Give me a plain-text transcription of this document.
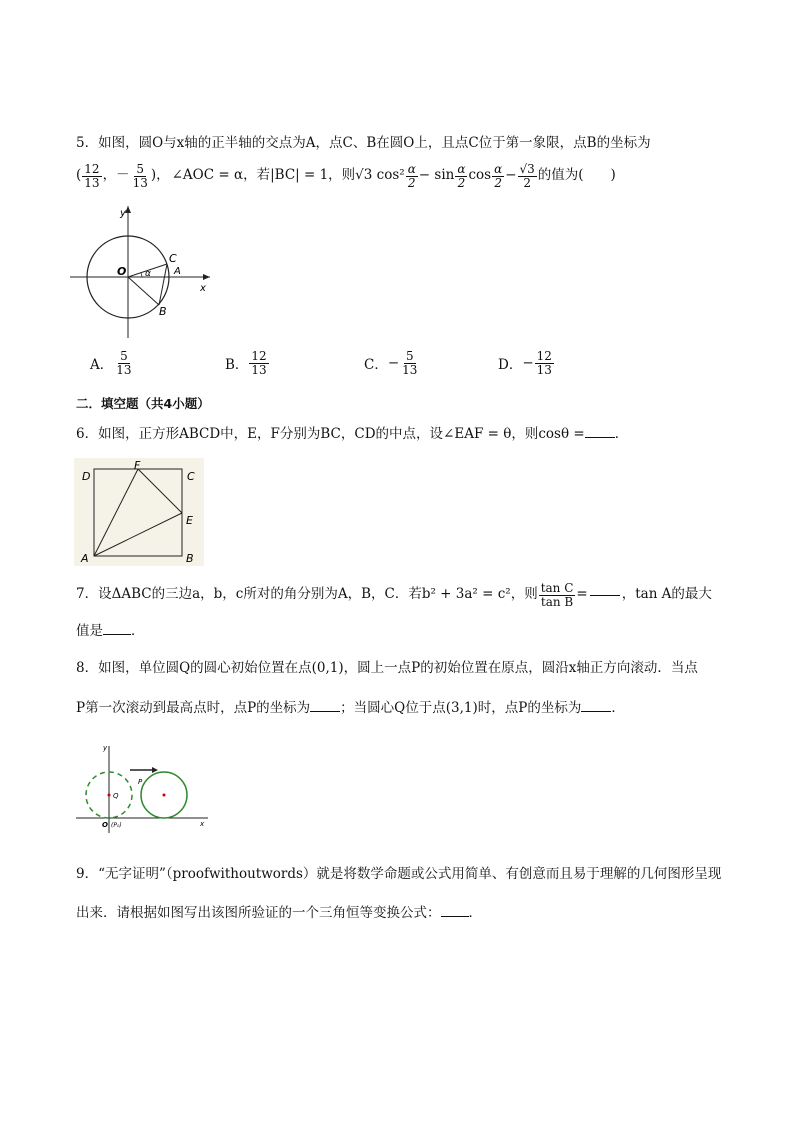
5．如图，圆O与x轴的正半轴的交点为A，点C、B在圆O上，且点C位于第一象限，点B的坐标为
( $\frac{12}{13}$ ，－ $\frac{5}{13}$ )， ∠AOC = α，若|BC| = 1，则√3 $\cos^2 \frac{\alpha}{2} - \sin \frac{\alpha}{2}$ $\cos \frac{\alpha}{2} - \frac{√3}{2}$ 的值为(　　)
y
x
O
C
A
B
α
A． $\frac{5}{13}$	B． $\frac{12}{13}$	C． − $\frac{5}{13}$	D． − $\frac{12}{13}$
二．填空题（共4小题）
6．如图，正方形ABCD中，E，F分别为BC，CD的中点，设∠EAF = θ，则cosθ = ．
D
F
C
E
A	B
7．设ΔABC的三边a，b，c所对的角分别为A，B，C．若b² + 3a² = c²，则 $\frac{\text{tan C}}{\text{tan B}}$ =	，tan A的最大
值是 ．
8．如图，单位圆Q的圆心初始位置在点(0,1)，圆上一点P的初始位置在原点，圆沿x轴正方向滚动．当点
P第一次滚动到最高点时，点P的坐标为 ；当圆心Q位于点(3,1)时，点P的坐标为 ．
y
x
O (P₀)
Q
P
9．“无字证明”（proofwithoutwords）就是将数学命题或公式用简单、有创意而且易于理解的几何图形呈现
出来．请根据如图写出该图所验证的一个三角恒等变换公式： ．
